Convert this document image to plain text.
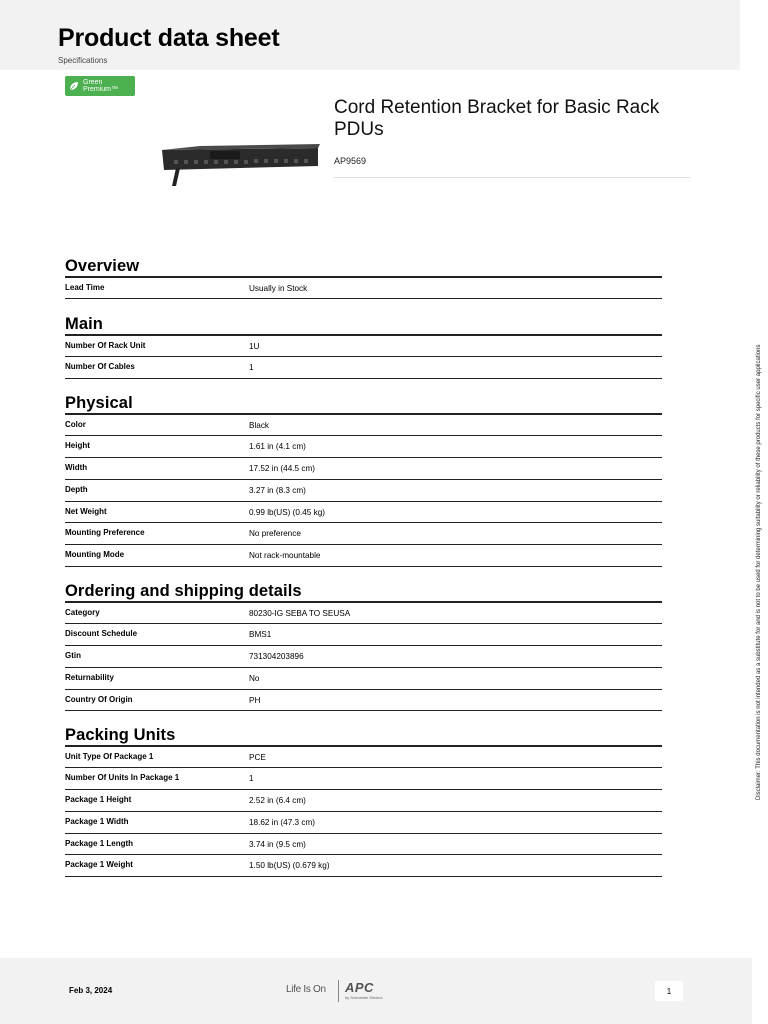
Product data sheet
Specifications
Green
Premium™
Cord Retention Bracket for Basic Rack PDUs
AP9569
Overview
Lead Time	Usually in Stock
Main
Number Of Rack Unit	1U
Number Of Cables	1
Physical
Color	Black
Height	1.61 in (4.1 cm)
Width	17.52 in (44.5 cm)
Depth	3.27 in (8.3 cm)
Net Weight	0.99 lb(US) (0.45 kg)
Mounting Preference	No preference
Mounting Mode	Not rack-mountable
Ordering and shipping details
Category	80230-IG SEBA TO SEUSA
Discount Schedule	BMS1
Gtin	731304203896
Returnability	No
Country Of Origin	PH
Packing Units
Unit Type Of Package 1	PCE
Number Of Units In Package 1	1
Package 1 Height	2.52 in (6.4 cm)
Package 1 Width	18.62 in (47.3 cm)
Package 1 Length	3.74 in (9.5 cm)
Package 1 Weight	1.50 lb(US) (0.679 kg)
Disclaimer: This documentation is not intended as a substitute for and is not to be used for determining suitability or reliability of these products for specific user applications
Feb 3, 2024	Life Is On APC
by Schneider Electric
1
